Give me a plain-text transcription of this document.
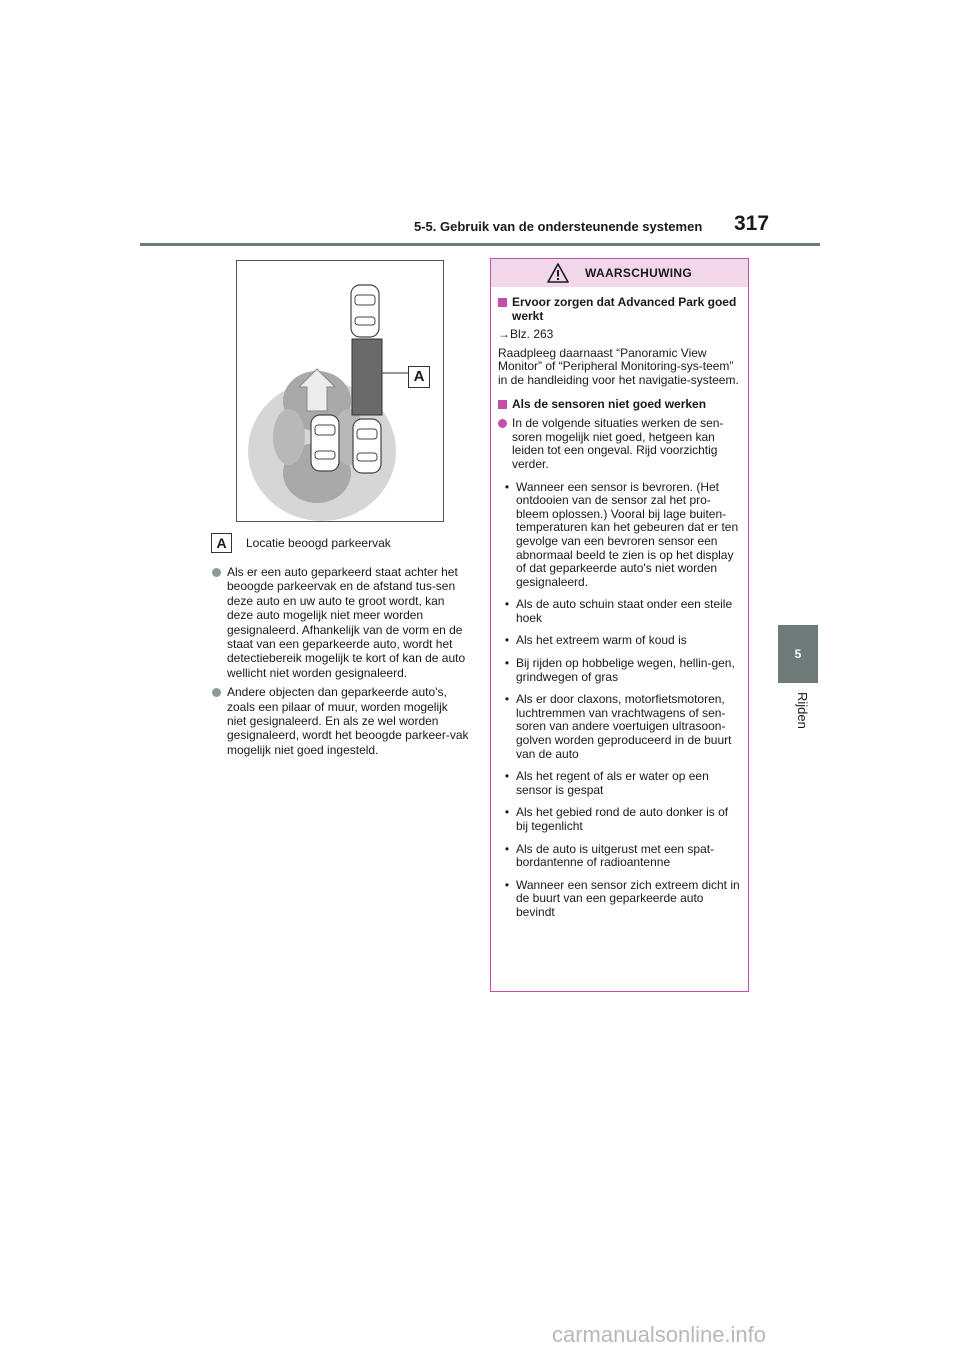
5-5. Gebruik van de ondersteunende systemen 317
5
Rijden
A
A	Locatie beoogd parkeervak
Als er een auto geparkeerd staat achter het beoogde parkeervak en de afstand tus-sen deze auto en uw auto te groot wordt, kan deze auto mogelijk niet meer worden gesignaleerd. Afhankelijk van de vorm en de staat van een geparkeerde auto, wordt het detectiebereik mogelijk te kort of kan de auto wellicht niet worden gesignaleerd.
Andere objecten dan geparkeerde auto's, zoals een pilaar of muur, worden mogelijk niet gesignaleerd. En als ze wel worden gesignaleerd, wordt het beoogde parkeer-vak mogelijk niet goed ingesteld.
WAARSCHUWING
Ervoor zorgen dat Advanced Park goed werkt

→Blz. 263

Raadpleeg daarnaast “Panoramic View Monitor” of “Peripheral Monitoring-sys-teem” in de handleiding voor het navigatie-systeem.

Als de sensoren niet goed werken
In de volgende situaties werken de sen-soren mogelijk niet goed, hetgeen kan leiden tot een ongeval. Rijd voorzichtig verder.
• Wanneer een sensor is bevroren. (Het ontdooien van de sensor zal het pro-bleem oplossen.) Vooral bij lage buiten-temperaturen kan het gebeuren dat er ten gevolge van een bevroren sensor een abnormaal beeld te zien is op het display of dat geparkeerde auto's niet worden gesignaleerd.
• Als de auto schuin staat onder een steile hoek
• Als het extreem warm of koud is
• Bij rijden op hobbelige wegen, hellin-gen, grindwegen of gras
• Als er door claxons, motorfietsmotoren, luchtremmen van vrachtwagens of sen-soren van andere voertuigen ultrasoon-golven worden geproduceerd in de buurt van de auto
• Als het regent of als er water op een sensor is gespat
• Als het gebied rond de auto donker is of bij tegenlicht
• Als de auto is uitgerust met een spat-bordantenne of radioantenne
• Wanneer een sensor zich extreem dicht in de buurt van een geparkeerde auto bevindt
carmanualsonline.info
